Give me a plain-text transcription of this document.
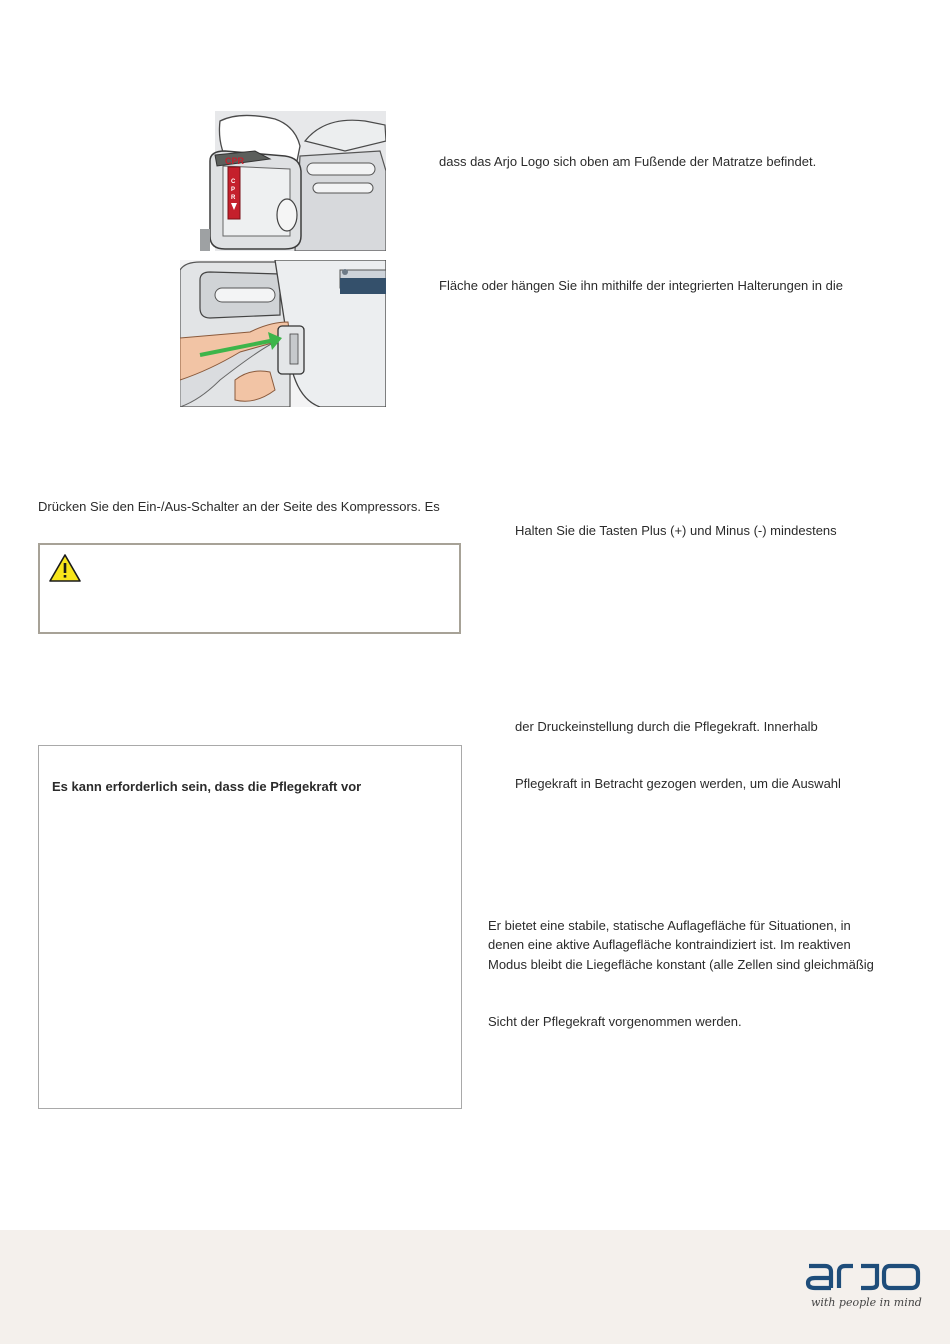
CPR
C
P
R
dass das Arjo Logo sich oben am Fußende der Matratze befindet.
Fläche oder hängen Sie ihn mithilfe der integrierten Halterungen in die
Halten Sie die Tasten Plus (+) und Minus (-) mindestens
der Druckeinstellung durch die Pflegekraft. Innerhalb
Pflegekraft in Betracht gezogen werden, um die Auswahl
Er bietet eine stabile, statische Auflagefläche für Situationen, in
denen eine aktive Auflagefläche kontraindiziert ist. Im reaktiven
Modus bleibt die Liegefläche konstant (alle Zellen sind gleichmäßig
Sicht der Pflegekraft vorgenommen werden.
Drücken Sie den Ein-/Aus-Schalter an der Seite des Kompressors. Es
Es kann erforderlich sein, dass die Pflegekraft vor
with people in mind
